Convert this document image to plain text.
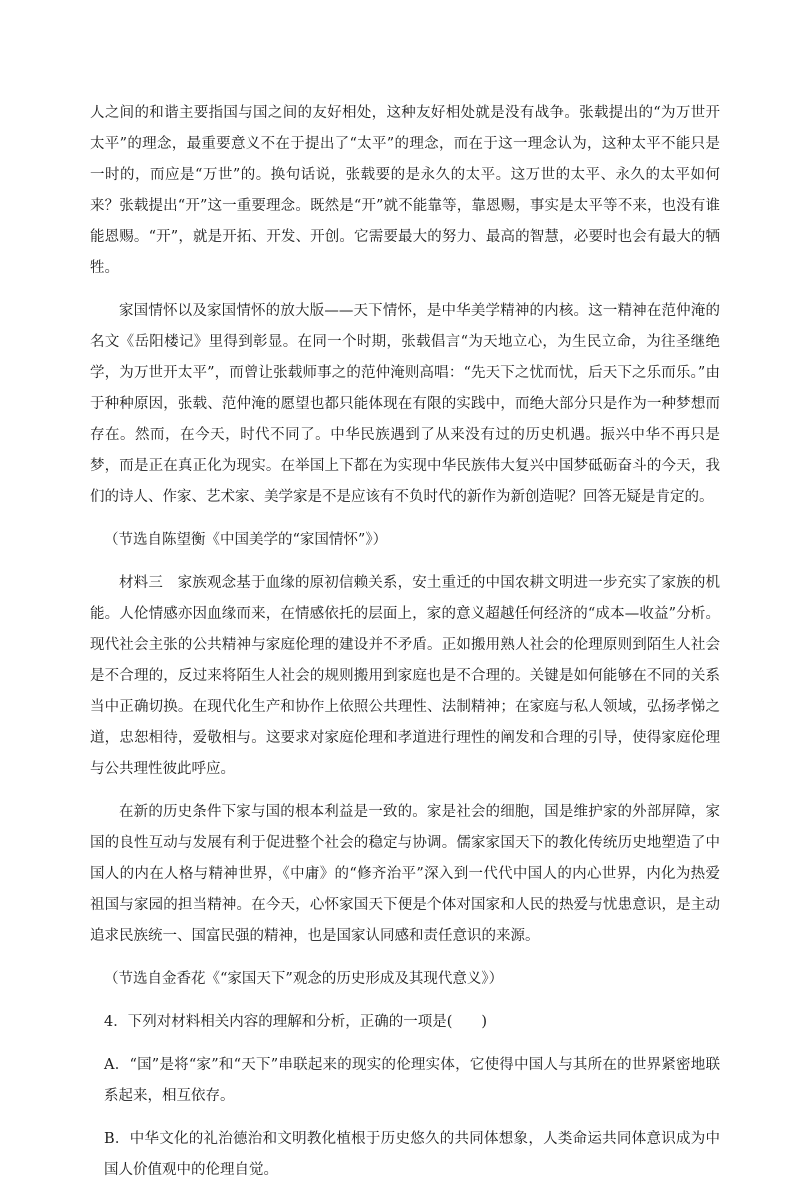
人之间的和谐主要指国与国之间的友好相处，这种友好相处就是没有战争。张载提出的“为万世开太平”的理念，最重要意义不在于提出了“太平”的理念，而在于这一理念认为，这种太平不能只是一时的，而应是“万世”的。换句话说，张载要的是永久的太平。这万世的太平、永久的太平如何来？张载提出“开”这一重要理念。既然是“开”就不能靠等，靠恩赐，事实是太平等不来，也没有谁能恩赐。“开”，就是开拓、开发、开创。它需要最大的努力、最高的智慧，必要时也会有最大的牺牲。

家国情怀以及家国情怀的放大版——天下情怀，是中华美学精神的内核。这一精神在范仲淹的名文《岳阳楼记》里得到彰显。在同一个时期，张载倡言“为天地立心，为生民立命，为往圣继绝学，为万世开太平”，而曾让张载师事之的范仲淹则高唱：“先天下之忧而忧，后天下之乐而乐。”由于种种原因，张载、范仲淹的愿望也都只能体现在有限的实践中，而绝大部分只是作为一种梦想而存在。然而，在今天，时代不同了。中华民族遇到了从来没有过的历史机遇。振兴中华不再只是梦，而是正在真正化为现实。在举国上下都在为实现中华民族伟大复兴中国梦砥砺奋斗的今天，我们的诗人、作家、艺术家、美学家是不是应该有不负时代的新作为新创造呢？回答无疑是肯定的。

（节选自陈望衡《中国美学的“家国情怀”》）

材料三　家族观念基于血缘的原初信赖关系，安土重迁的中国农耕文明进一步充实了家族的机能。人伦情感亦因血缘而来，在情感依托的层面上，家的意义超越任何经济的“成本—收益”分析。现代社会主张的公共精神与家庭伦理的建设并不矛盾。正如搬用熟人社会的伦理原则到陌生人社会是不合理的，反过来将陌生人社会的规则搬用到家庭也是不合理的。关键是如何能够在不同的关系当中正确切换。在现代化生产和协作上依照公共理性、法制精神；在家庭与私人领域，弘扬孝悌之道，忠恕相待，爱敬相与。这要求对家庭伦理和孝道进行理性的阐发和合理的引导，使得家庭伦理与公共理性彼此呼应。

在新的历史条件下家与国的根本利益是一致的。家是社会的细胞，国是维护家的外部屏障，家国的良性互动与发展有利于促进整个社会的稳定与协调。儒家家国天下的教化传统历史地塑造了中国人的内在人格与精神世界，《中庸》的“修齐治平”深入到一代代中国人的内心世界，内化为热爱祖国与家园的担当精神。在今天，心怀家国天下便是个体对国家和人民的热爱与忧患意识，是主动追求民族统一、国富民强的精神，也是国家认同感和责任意识的来源。

（节选自金香花《“家国天下”观念的历史形成及其现代意义》）

4．下列对材料相关内容的理解和分析，正确的一项是(　　)

A．“国”是将“家”和“天下”串联起来的现实的伦理实体，它使得中国人与其所在的世界紧密地联系起来，相互依存。

B．中华文化的礼治德治和文明教化植根于历史悠久的共同体想象，人类命运共同体意识成为中国人价值观中的伦理自觉。
